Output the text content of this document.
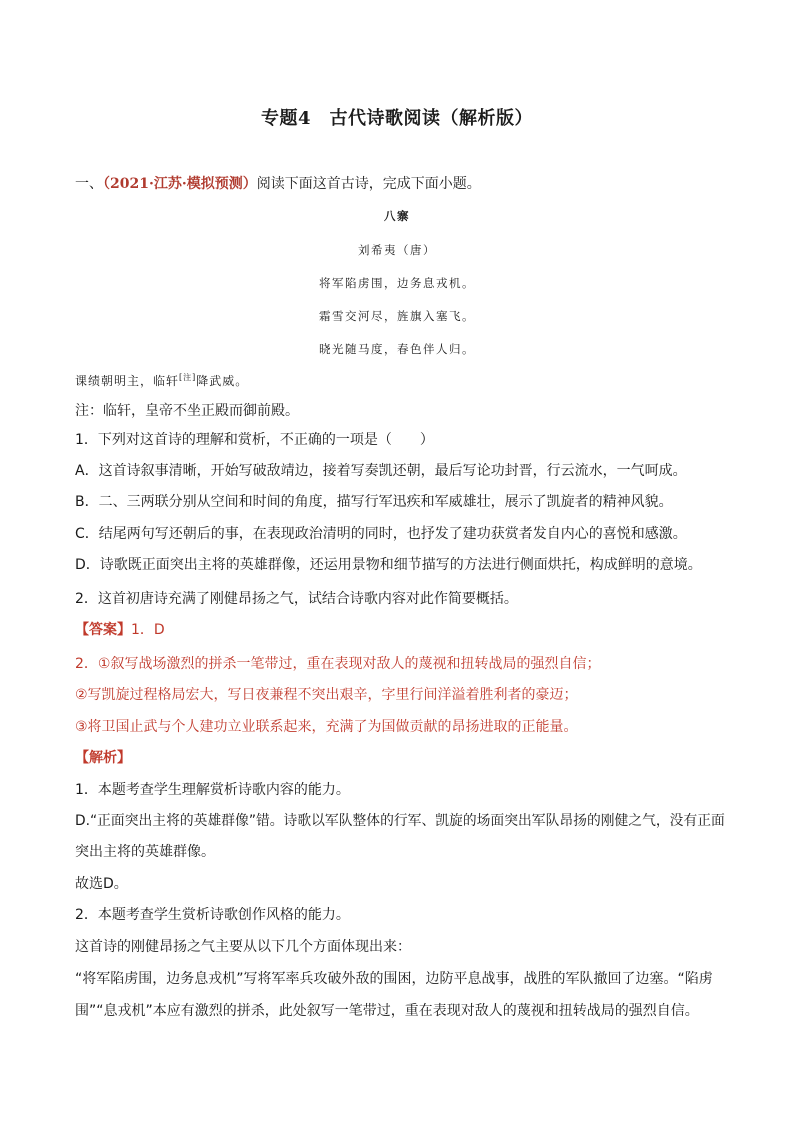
专题4　古代诗歌阅读（解析版）
一、（2021·江苏·模拟预测）阅读下面这首古诗，完成下面小题。
八寨
刘希夷（唐）
将军陷虏围，边务息戎机。
霜雪交河尽，旌旗入塞飞。
晓光随马度，春色伴人归。
课绩朝明主，临轩[注]降武威。
注：临轩，皇帝不坐正殿而御前殿。
1．下列对这首诗的理解和赏析，不正确的一项是（　　）
A．这首诗叙事清晰，开始写破敌靖边，接着写奏凯还朝，最后写论功封晋，行云流水，一气呵成。
B．二、三两联分别从空间和时间的角度，描写行军迅疾和军威雄壮，展示了凯旋者的精神风貌。
C．结尾两句写还朝后的事，在表现政治清明的同时，也抒发了建功获赏者发自内心的喜悦和感激。
D．诗歌既正面突出主将的英雄群像，还运用景物和细节描写的方法进行侧面烘托，构成鲜明的意境。
2．这首初唐诗充满了刚健昂扬之气，试结合诗歌内容对此作简要概括。
【答案】1．D
2．①叙写战场激烈的拼杀一笔带过，重在表现对敌人的蔑视和扭转战局的强烈自信；
②写凯旋过程格局宏大，写日夜兼程不突出艰辛，字里行间洋溢着胜利者的豪迈；
③将卫国止武与个人建功立业联系起来，充满了为国做贡献的昂扬进取的正能量。
【解析】
1．本题考查学生理解赏析诗歌内容的能力。
D.“正面突出主将的英雄群像”错。诗歌以军队整体的行军、凯旋的场面突出军队昂扬的刚健之气，没有正面
突出主将的英雄群像。
故选D。
2．本题考查学生赏析诗歌创作风格的能力。
这首诗的刚健昂扬之气主要从以下几个方面体现出来：
“将军陷虏围，边务息戎机”写将军率兵攻破外敌的围困，边防平息战事，战胜的军队撤回了边塞。“陷虏
围”“息戎机”本应有激烈的拼杀，此处叙写一笔带过，重在表现对敌人的蔑视和扭转战局的强烈自信。
